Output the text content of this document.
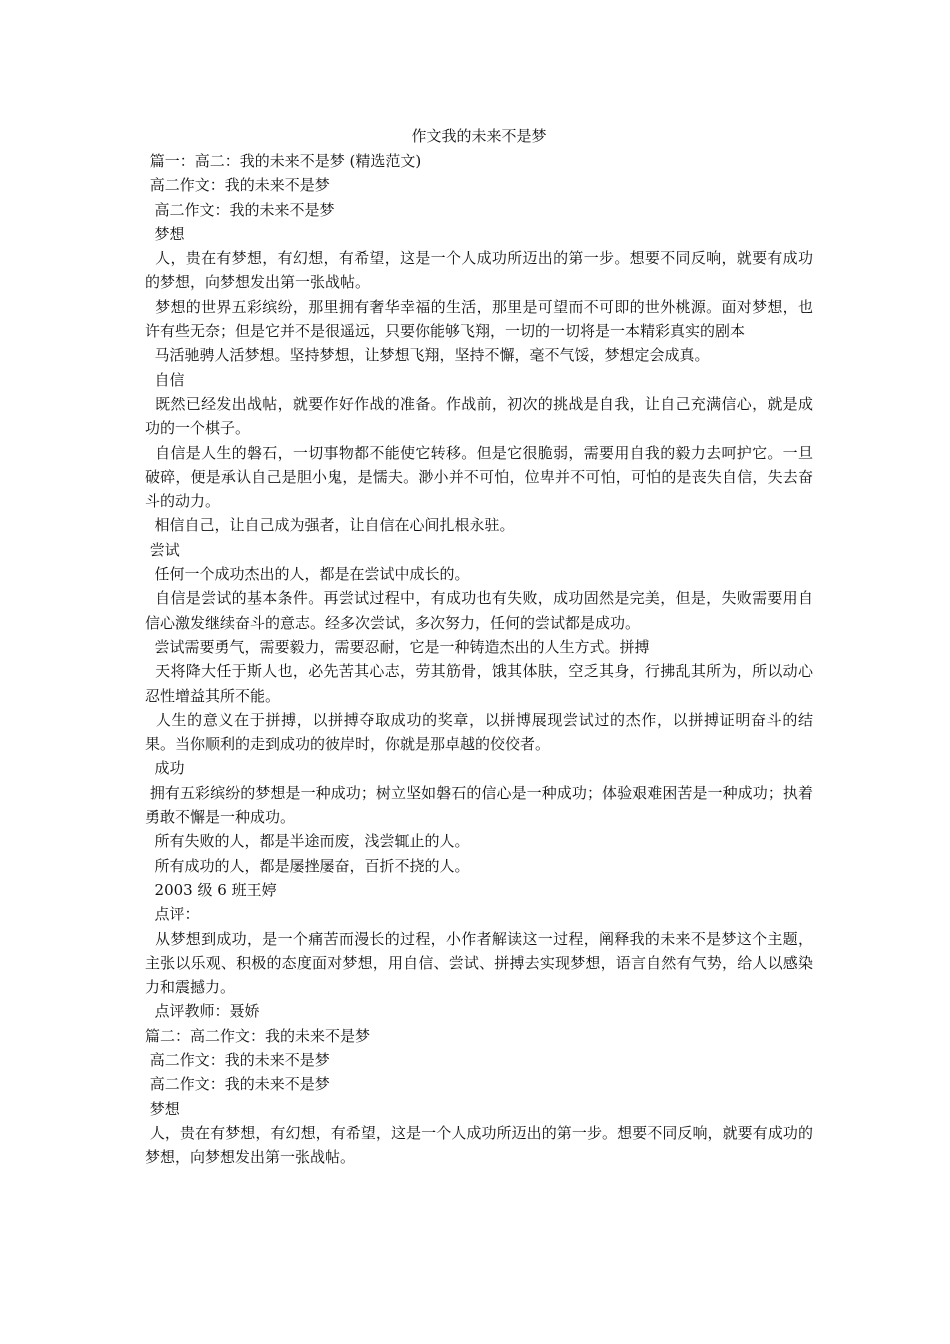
作文我的未来不是梦

篇一：高二：我的未来不是梦 (精选范文)

高二作文：我的未来不是梦

高二作文：我的未来不是梦

梦想

人，贵在有梦想，有幻想，有希望，这是一个人成功所迈出的第一步。想要不同反响，就要有成功的梦想，向梦想发出第一张战帖。

梦想的世界五彩缤纷，那里拥有奢华幸福的生活，那里是可望而不可即的世外桃源。面对梦想，也许有些无奈；但是它并不是很遥远，只要你能够飞翔，一切的一切将是一本精彩真实的剧本

马活驰骋人活梦想。坚持梦想，让梦想飞翔，坚持不懈，毫不气馁，梦想定会成真。

自信

既然已经发出战帖，就要作好作战的准备。作战前，初次的挑战是自我，让自己充满信心，就是成功的一个棋子。

自信是人生的磐石，一切事物都不能使它转移。但是它很脆弱，需要用自我的毅力去呵护它。一旦破碎，便是承认自己是胆小鬼，是懦夫。渺小并不可怕，位卑并不可怕，可怕的是丧失自信，失去奋斗的动力。

相信自己，让自己成为强者，让自信在心间扎根永驻。

尝试

任何一个成功杰出的人，都是在尝试中成长的。

自信是尝试的基本条件。再尝试过程中，有成功也有失败，成功固然是完美，但是，失败需要用自信心激发继续奋斗的意志。经多次尝试，多次努力，任何的尝试都是成功。

尝试需要勇气，需要毅力，需要忍耐，它是一种铸造杰出的人生方式。拼搏

天将降大任于斯人也，必先苦其心志，劳其筋骨，饿其体肤，空乏其身，行拂乱其所为，所以动心忍性增益其所不能。

人生的意义在于拼搏，以拼搏夺取成功的奖章，以拼博展现尝试过的杰作，以拼搏证明奋斗的结果。当你顺利的走到成功的彼岸时，你就是那卓越的佼佼者。

成功

拥有五彩缤纷的梦想是一种成功；树立坚如磐石的信心是一种成功；体验艰难困苦是一种成功；执着勇敢不懈是一种成功。

所有失败的人，都是半途而废，浅尝辄止的人。

所有成功的人，都是屡挫屡奋，百折不挠的人。

2003 级 6 班王婷

点评：

从梦想到成功，是一个痛苦而漫长的过程，小作者解读这一过程，阐释我的未来不是梦这个主题，主张以乐观、积极的态度面对梦想，用自信、尝试、拼搏去实现梦想，语言自然有气势，给人以感染力和震撼力。

点评教师：聂娇

篇二：高二作文：我的未来不是梦

高二作文：我的未来不是梦

高二作文：我的未来不是梦

梦想

人，贵在有梦想，有幻想，有希望，这是一个人成功所迈出的第一步。想要不同反响，就要有成功的梦想，向梦想发出第一张战帖。
